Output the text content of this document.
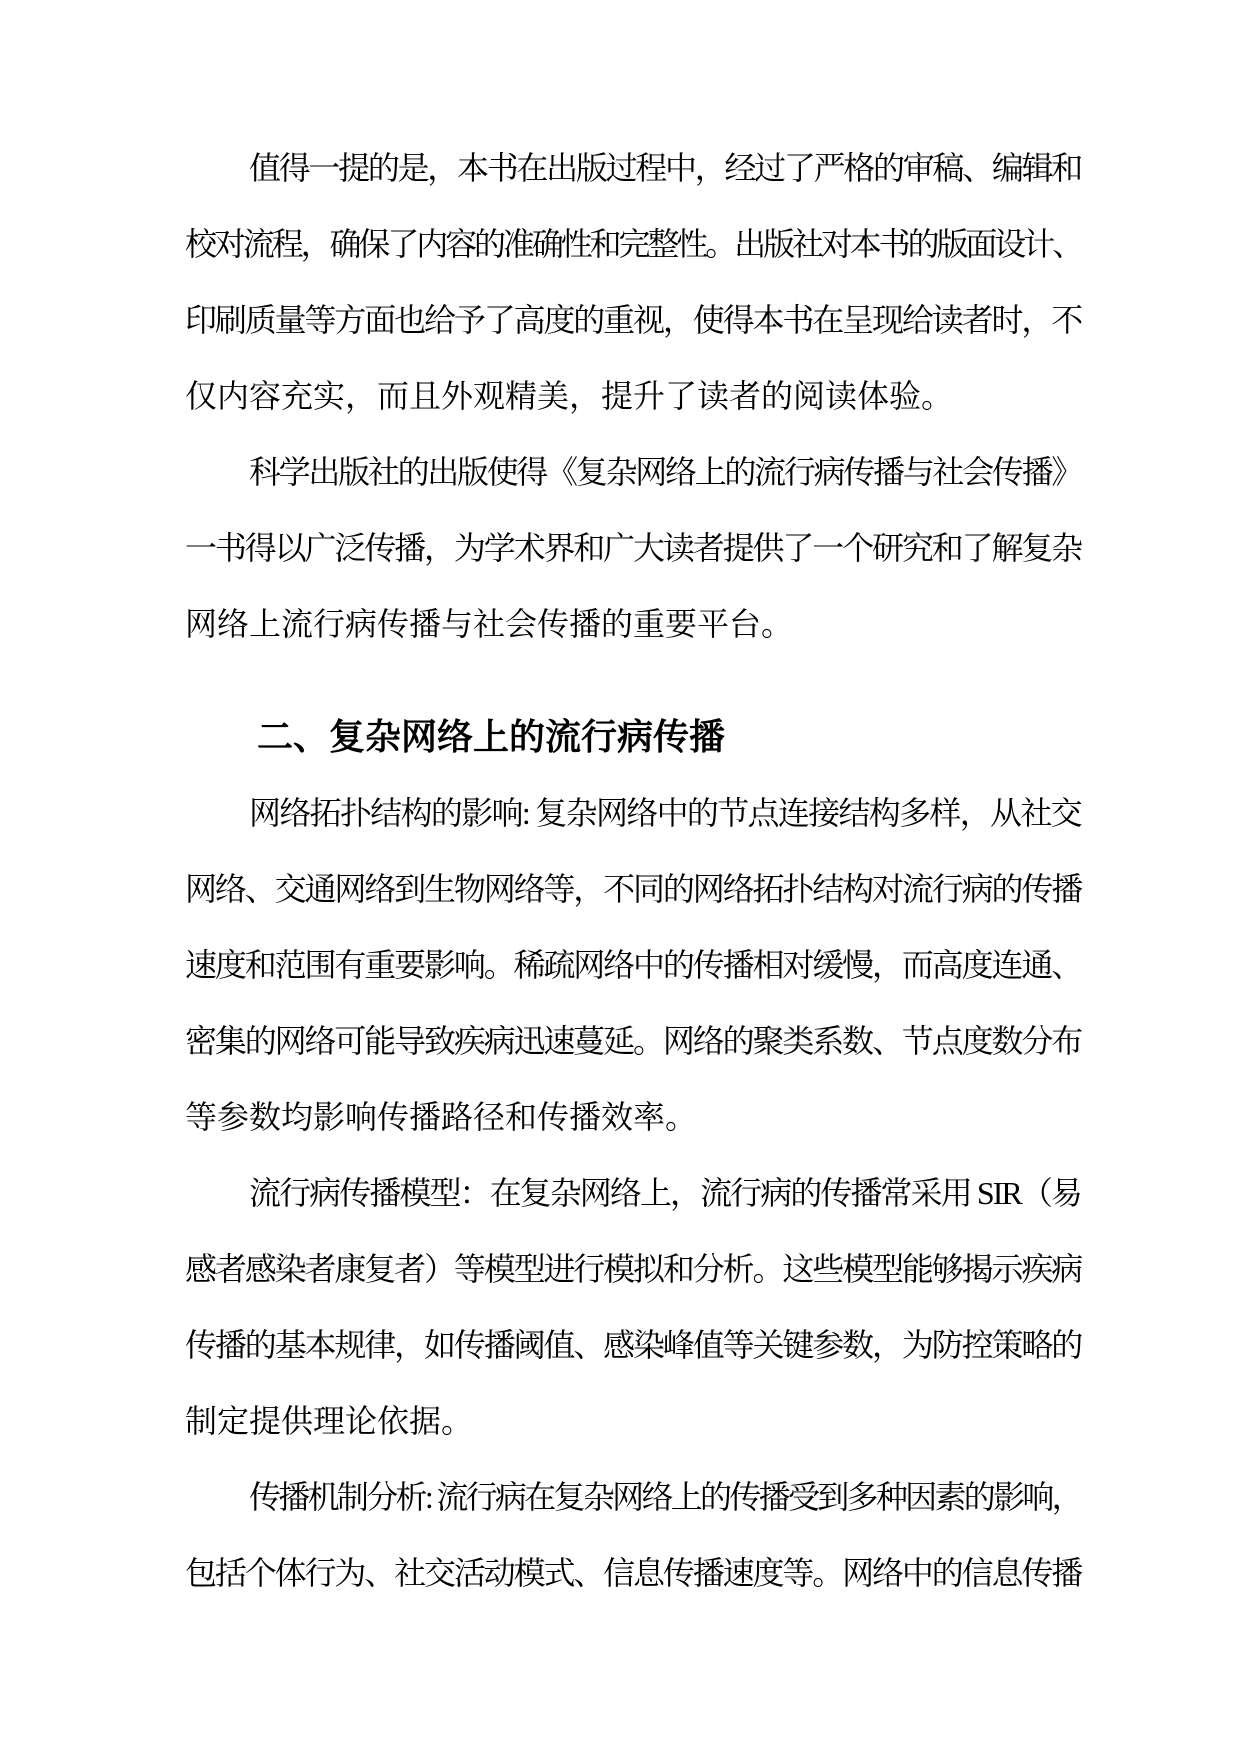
值得一提的是，本书在出版过程中，经过了严格的审稿、编辑和
校对流程，确保了内容的准确性和完整性。出版社对本书的版面设计、
印刷质量等方面也给予了高度的重视，使得本书在呈现给读者时，不
仅内容充实，而且外观精美，提升了读者的阅读体验。
科学出版社的出版使得《复杂网络上的流行病传播与社会传播》
一书得以广泛传播，为学术界和广大读者提供了一个研究和了解复杂
网络上流行病传播与社会传播的重要平台。
二、复杂网络上的流行病传播
网络拓扑结构的影响: 复杂网络中的节点连接结构多样，从社交
网络、交通网络到生物网络等，不同的网络拓扑结构对流行病的传播
速度和范围有重要影响。稀疏网络中的传播相对缓慢，而高度连通、
密集的网络可能导致疾病迅速蔓延。网络的聚类系数、节点度数分布
等参数均影响传播路径和传播效率。
流行病传播模型：在复杂网络上，流行病的传播常采用 SIR（易
感者感染者康复者）等模型进行模拟和分析。这些模型能够揭示疾病
传播的基本规律，如传播阈值、感染峰值等关键参数，为防控策略的
制定提供理论依据。
传播机制分析: 流行病在复杂网络上的传播受到多种因素的影响，
包括个体行为、社交活动模式、信息传播速度等。网络中的信息传播
